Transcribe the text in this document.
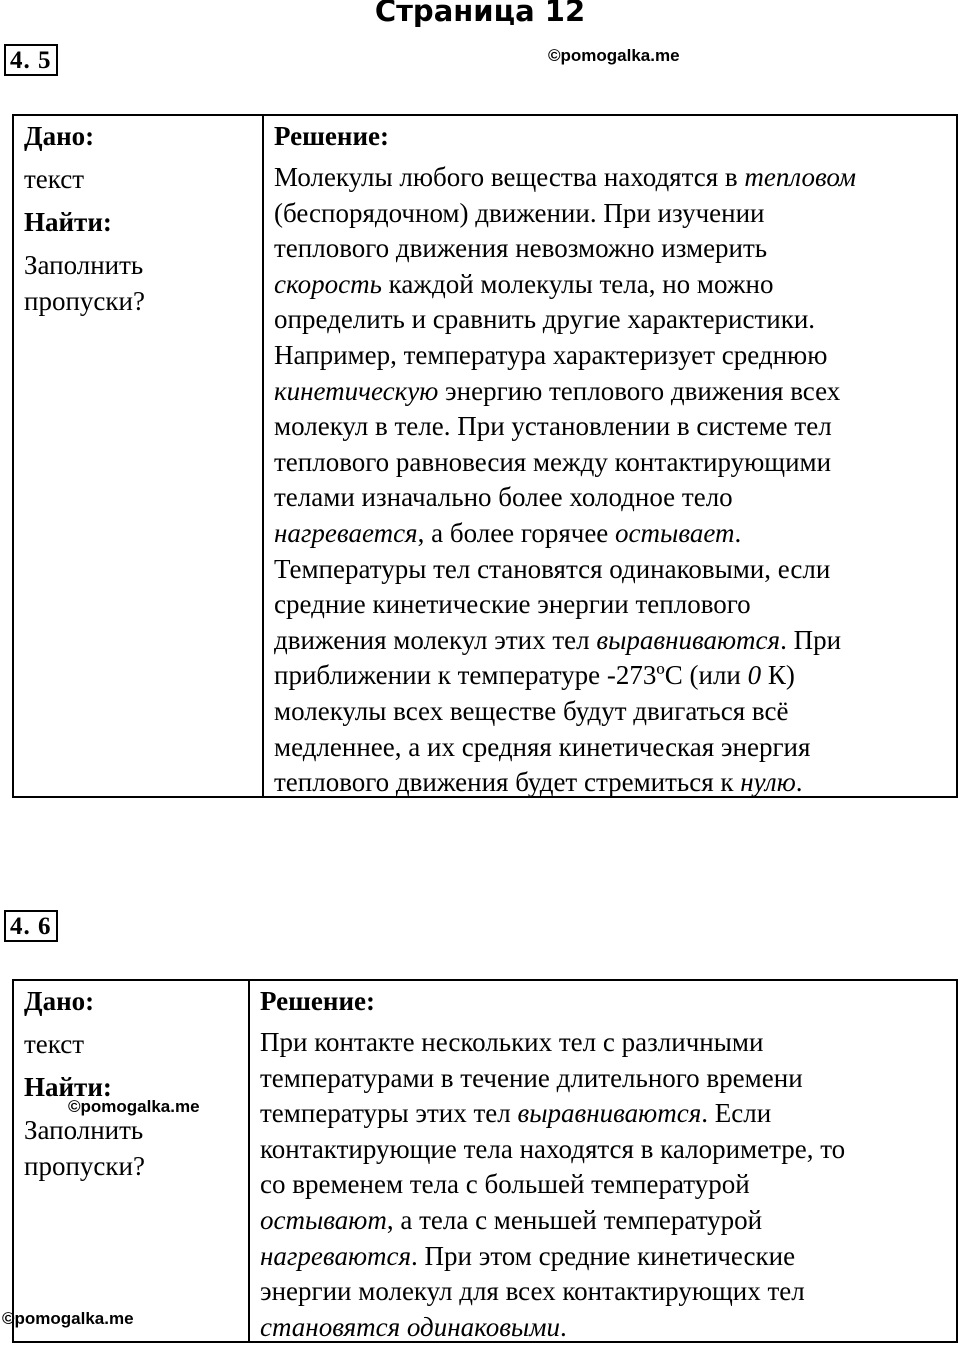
Страница 12
4. 5	©pomogalka.me
Дано:
текст
Найти:
Заполнить
пропуски?
Решение:
Молекулы любого вещества находятся в тепловом
(беспорядочном) движении. При изучении
теплового движения невозможно измерить
скорость каждой молекулы тела, но можно
определить и сравнить другие характеристики.
Например, температура характеризует среднюю
кинетическую энергию теплового движения всех
молекул в теле. При установлении в системе тел
теплового равновесия между контактирующими
телами изначально более холодное тело
нагревается, а более горячее остывает.
Температуры тел становятся одинаковыми, если
средние кинетические энергии теплового
движения молекул этих тел выравниваются. При
приближении к температуре -273ºС (или 0 К)
молекулы всех веществе будут двигаться всё
медленнее, а их средняя кинетическая энергия
теплового движения будет стремиться к нулю.
4. 6
Дано:
текст
Найти:
Заполнить
пропуски?
Решение:
При контакте нескольких тел с различными
температурами в течение длительного времени
температуры этих тел выравниваются. Если
контактирующие тела находятся в калориметре, то
со временем тела с большей температурой
остывают, а тела с меньшей температурой
нагреваются. При этом средние кинетические
энергии молекул для всех контактирующих тел
становятся одинаковыми.
©pomogalka.me
©pomogalka.me
